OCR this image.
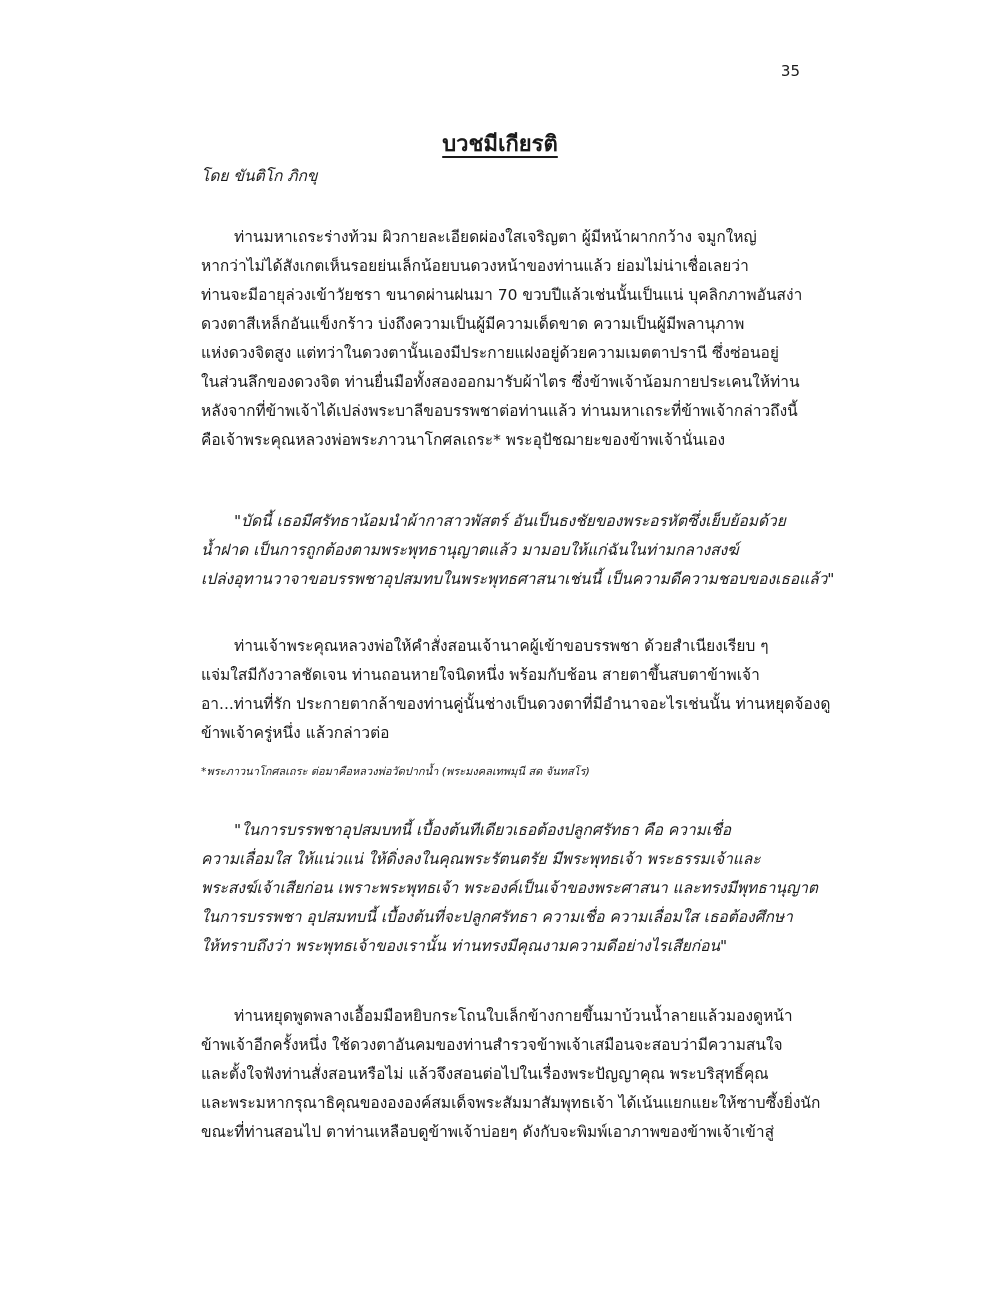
35
บวชมีเกียรติ
โดย ขันติโก ภิกขุ
ท่านมหาเถระร่างท้วม ผิวกายละเอียดผ่องใสเจริญตา ผู้มีหน้าผากกว้าง จมูกใหญ่
หากว่าไม่ได้สังเกตเห็นรอยย่นเล็กน้อยบนดวงหน้าของท่านแล้ว ย่อมไม่น่าเชื่อเลยว่า
ท่านจะมีอายุล่วงเข้าวัยชรา ขนาดผ่านฝนมา 70 ขวบปีแล้วเช่นนั้นเป็นแน่ บุคลิกภาพอันสง่า
ดวงตาสีเหล็กอันแข็งกร้าว บ่งถึงความเป็นผู้มีความเด็ดขาด ความเป็นผู้มีพลานุภาพ
แห่งดวงจิตสูง แต่ทว่าในดวงตานั้นเองมีประกายแฝงอยู่ด้วยความเมตตาปรานี ซึ่งซ่อนอยู่
ในส่วนลึกของดวงจิต ท่านยื่นมือทั้งสองออกมารับผ้าไตร ซึ่งข้าพเจ้าน้อมกายประเคนให้ท่าน
หลังจากที่ข้าพเจ้าได้เปล่งพระบาลีขอบรรพชาต่อท่านแล้ว ท่านมหาเถระที่ข้าพเจ้ากล่าวถึงนี้
คือเจ้าพระคุณหลวงพ่อพระภาวนาโกศลเถระ* พระอุปัชฌายะของข้าพเจ้านั่นเอง
"บัดนี้ เธอมีศรัทธาน้อมนำผ้ากาสาวพัสตร์ อันเป็นธงชัยของพระอรหัตซึ่งเย็บย้อมด้วย
น้ำฝาด เป็นการถูกต้องตามพระพุทธานุญาตแล้ว มามอบให้แก่ฉันในท่ามกลางสงฆ์
เปล่งอุทานวาจาขอบรรพชาอุปสมทบในพระพุทธศาสนาเช่นนี้ เป็นความดีความชอบของเธอแล้ว"
ท่านเจ้าพระคุณหลวงพ่อให้คำสั่งสอนเจ้านาคผู้เข้าขอบรรพชา ด้วยสำเนียงเรียบ ๆ
แจ่มใสมีกังวาลชัดเจน ท่านถอนหายใจนิดหนึ่ง พร้อมกับช้อน สายตาขึ้นสบตาข้าพเจ้า
อา...ท่านที่รัก ประกายตากล้าของท่านคู่นั้นช่างเป็นดวงตาที่มีอำนาจอะไรเช่นนั้น ท่านหยุดจ้องดู
ข้าพเจ้าครู่หนึ่ง แล้วกล่าวต่อ
*พระภาวนาโกศลเถระ ต่อมาคือหลวงพ่อวัดปากน้ำ (พระมงคลเทพมุนี สด จันทสโร)
"ในการบรรพชาอุปสมบทนี้ เบื้องต้นทีเดียวเธอต้องปลูกศรัทธา คือ ความเชื่อ
ความเลื่อมใส ให้แน่วแน่ ให้ดิ่งลงในคุณพระรัตนตรัย มีพระพุทธเจ้า พระธรรมเจ้าและ
พระสงฆ์เจ้าเสียก่อน เพราะพระพุทธเจ้า พระองค์เป็นเจ้าของพระศาสนา และทรงมีพุทธานุญาต
ในการบรรพชา อุปสมทบนี้ เบื้องต้นที่จะปลูกศรัทธา ความเชื่อ ความเลื่อมใส เธอต้องศึกษา
ให้ทราบถึงว่า พระพุทธเจ้าของเรานั้น ท่านทรงมีคุณงามความดีอย่างไรเสียก่อน"
ท่านหยุดพูดพลางเอื้อมมือหยิบกระโถนใบเล็กข้างกายขึ้นมาบ้วนน้ำลายแล้วมองดูหน้า
ข้าพเจ้าอีกครั้งหนึ่ง ใช้ดวงตาอันคมของท่านสำรวจข้าพเจ้าเสมือนจะสอบว่ามีความสนใจ
และตั้งใจฟังท่านสั่งสอนหรือไม่ แล้วจึงสอนต่อไปในเรื่องพระปัญญาคุณ พระบริสุทธิ์คุณ
และพระมหากรุณาธิคุณของององค์สมเด็จพระสัมมาสัมพุทธเจ้า ได้เน้นแยกแยะให้ซาบซึ้งยิ่งนัก
ขณะที่ท่านสอนไป ตาท่านเหลือบดูข้าพเจ้าบ่อยๆ ดังกับจะพิมพ์เอาภาพของข้าพเจ้าเข้าสู่
